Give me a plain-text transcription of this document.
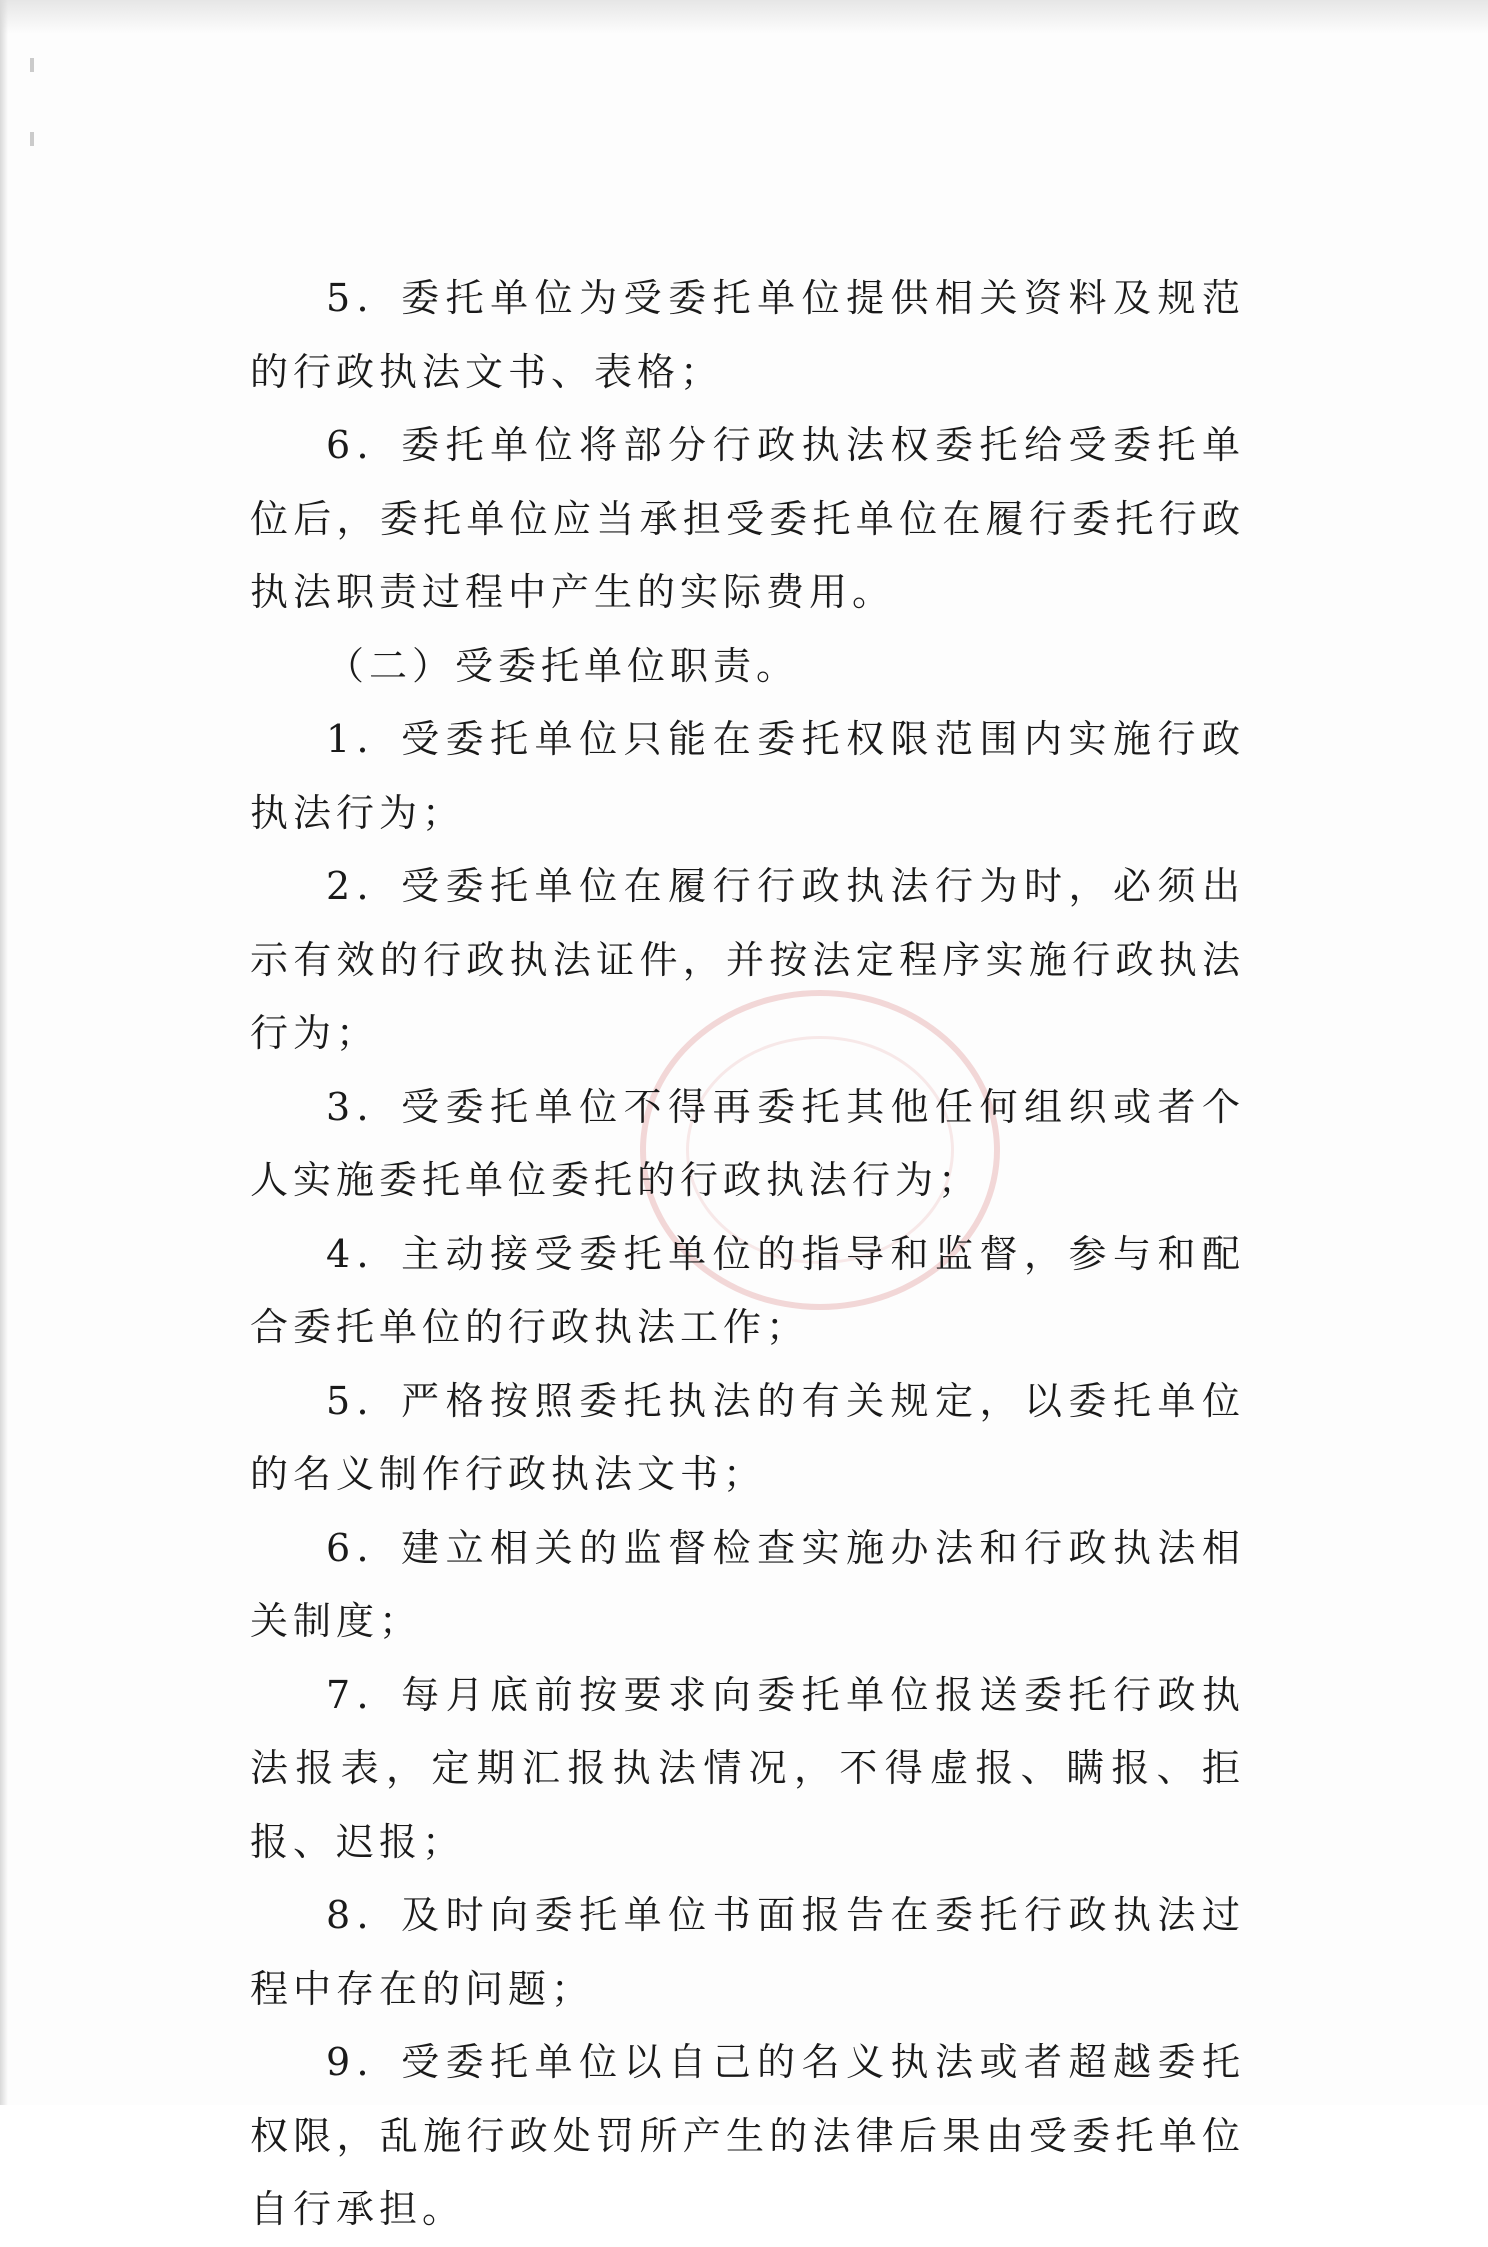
5．委托单位为受委托单位提供相关资料及规范的行政执法文书、表格；

6．委托单位将部分行政执法权委托给受委托单位后，委托单位应当承担受委托单位在履行委托行政执法职责过程中产生的实际费用。

（二）受委托单位职责。

1．受委托单位只能在委托权限范围内实施行政执法行为；

2．受委托单位在履行行政执法行为时，必须出示有效的行政执法证件，并按法定程序实施行政执法行为；

3．受委托单位不得再委托其他任何组织或者个人实施委托单位委托的行政执法行为；

4．主动接受委托单位的指导和监督，参与和配合委托单位的行政执法工作；

5．严格按照委托执法的有关规定，以委托单位的名义制作行政执法文书；

6．建立相关的监督检查实施办法和行政执法相关制度；

7．每月底前按要求向委托单位报送委托行政执法报表，定期汇报执法情况，不得虚报、瞒报、拒报、迟报；

8．及时向委托单位书面报告在委托行政执法过程中存在的问题；

9．受委托单位以自己的名义执法或者超越委托权限，乱施行政处罚所产生的法律后果由受委托单位自行承担。
